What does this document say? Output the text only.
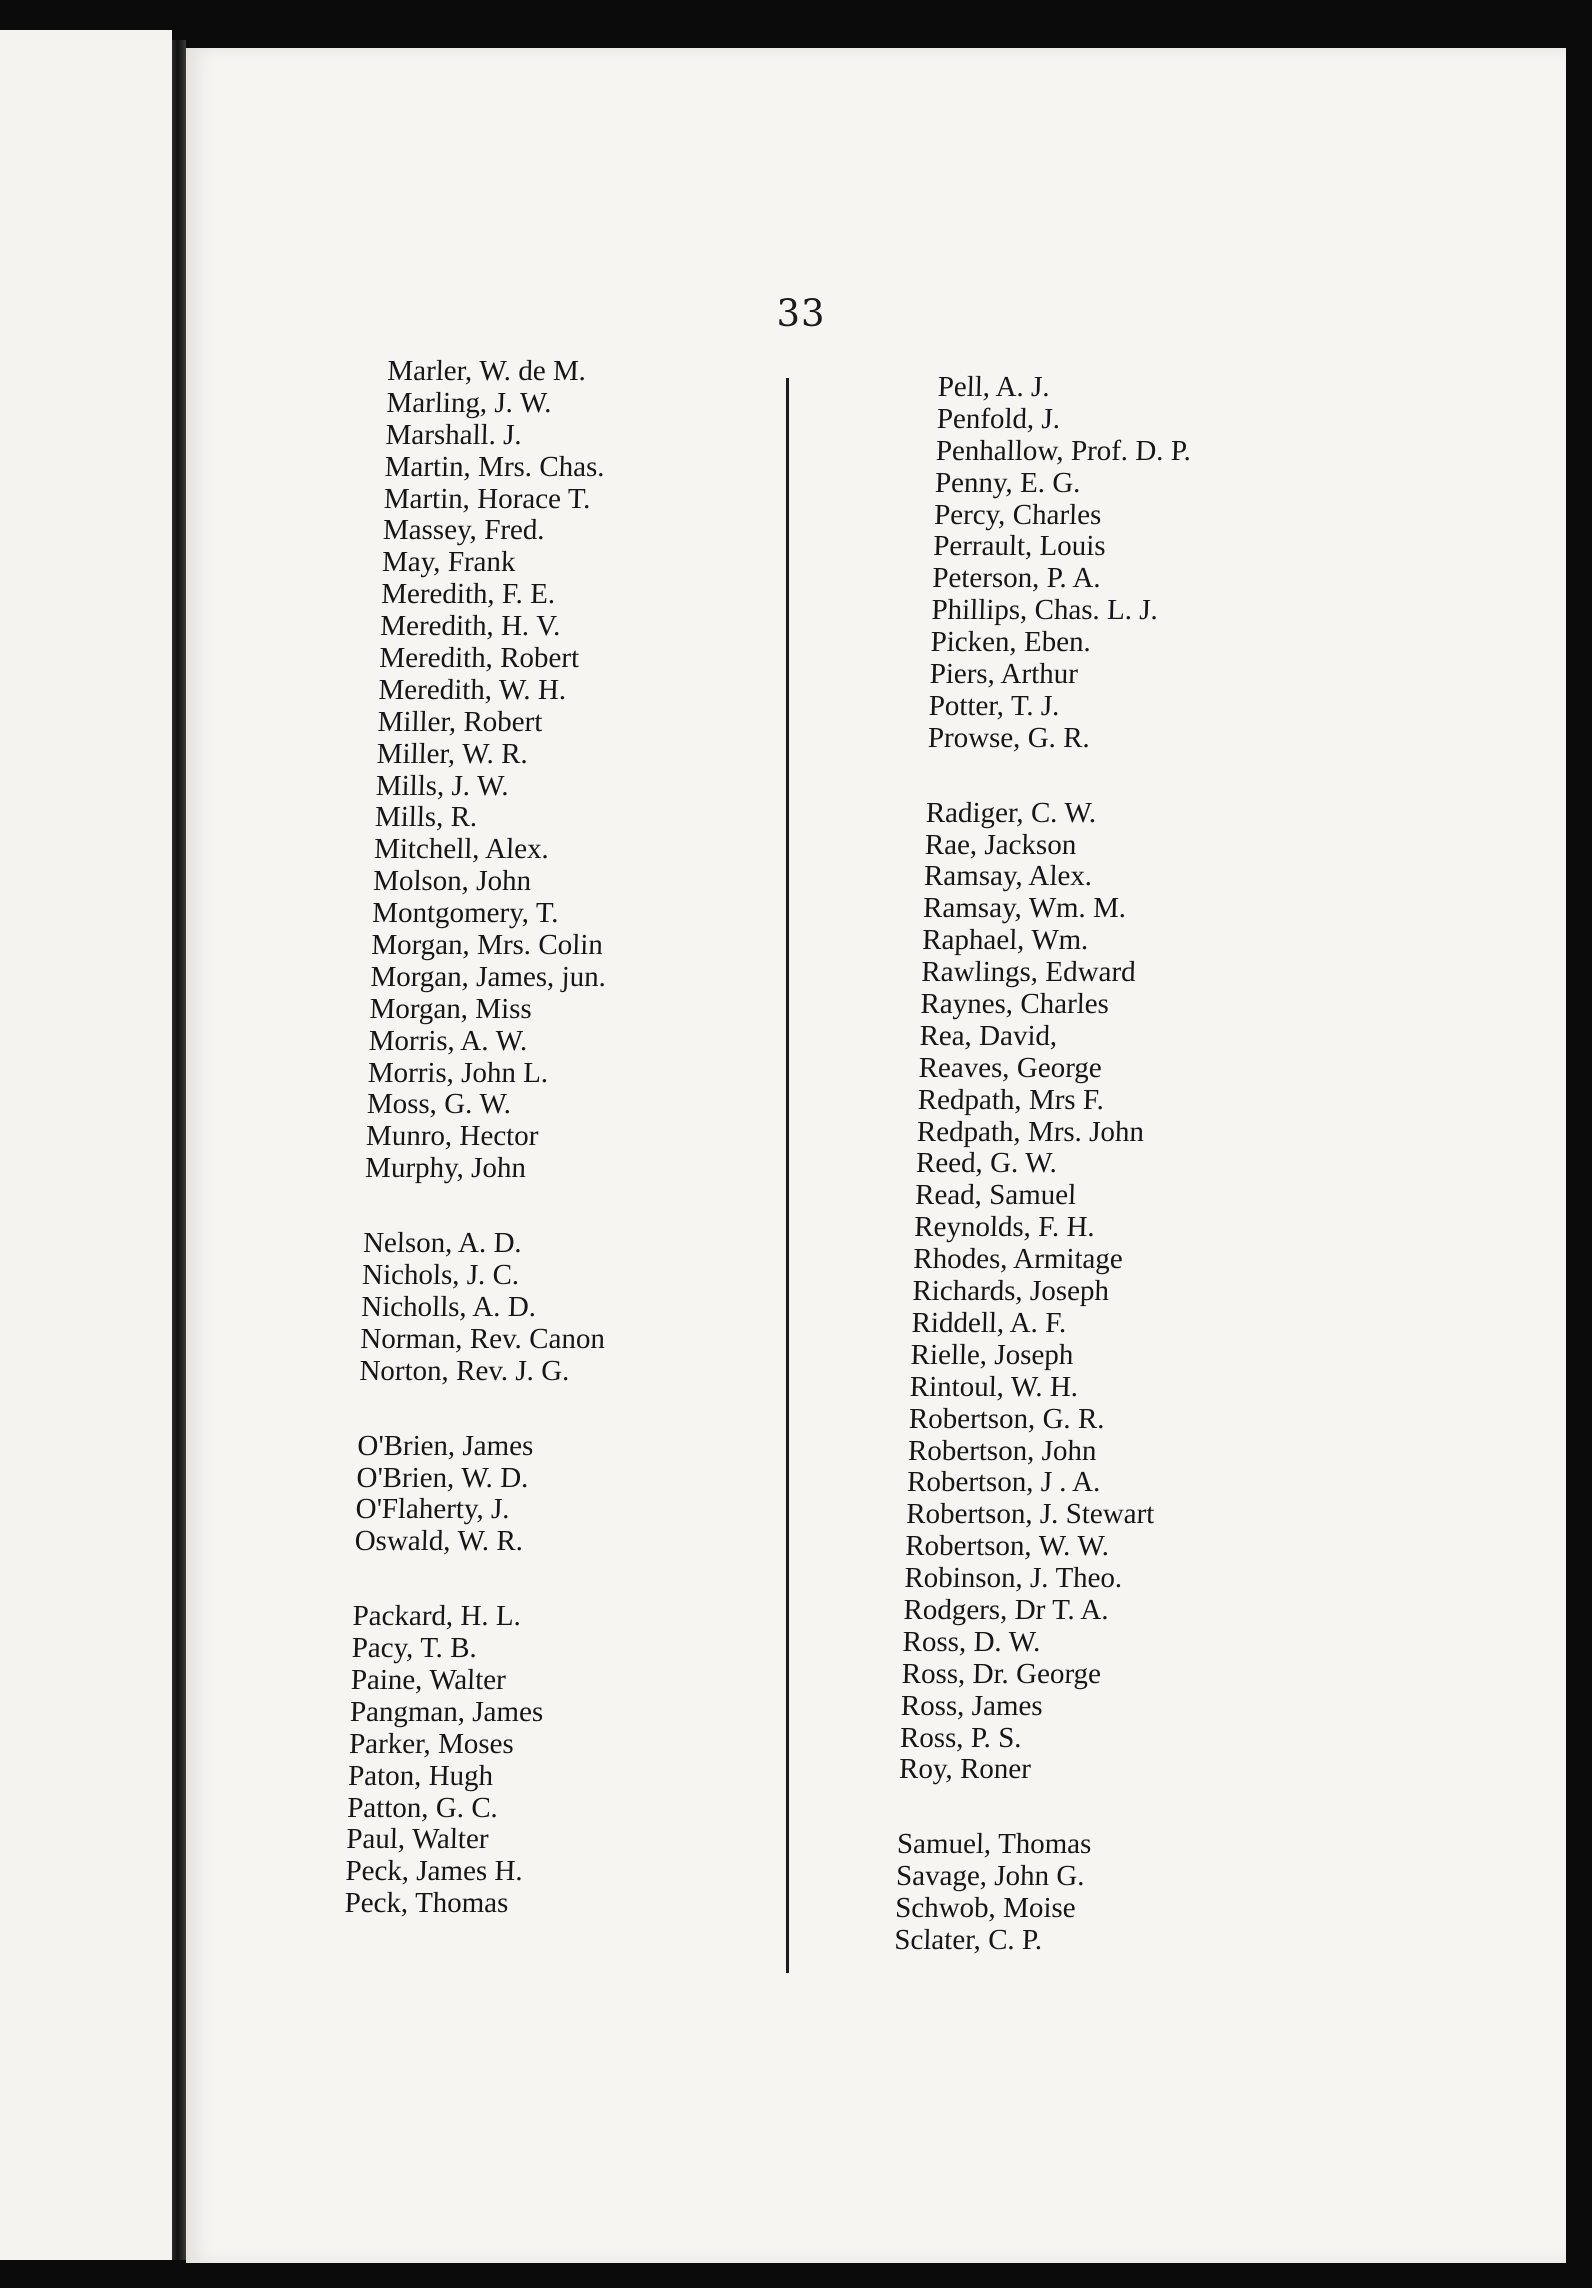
33
Marler, W. de M.
Marling, J. W.
Marshall. J.
Martin, Mrs. Chas.
Martin, Horace T.
Massey, Fred.
May, Frank
Meredith, F. E.
Meredith, H. V.
Meredith, Robert
Meredith, W. H.
Miller, Robert
Miller, W. R.
Mills, J. W.
Mills, R.
Mitchell, Alex.
Molson, John
Montgomery, T.
Morgan, Mrs. Colin
Morgan, James, jun.
Morgan, Miss
Morris, A. W.
Morris, John L.
Moss, G. W.
Munro, Hector
Murphy, John
Nelson, A. D.
Nichols, J. C.
Nicholls, A. D.
Norman, Rev. Canon
Norton, Rev. J. G.
O'Brien, James
O'Brien, W. D.
O'Flaherty, J.
Oswald, W. R.
Packard, H. L.
Pacy, T. B.
Paine, Walter
Pangman, James
Parker, Moses
Paton, Hugh
Patton, G. C.
Paul, Walter
Peck, James H.
Peck, Thomas
Pell, A. J.
Penfold, J.
Penhallow, Prof. D. P.
Penny, E. G.
Percy, Charles
Perrault, Louis
Peterson, P. A.
Phillips, Chas. L. J.
Picken, Eben.
Piers, Arthur
Potter, T. J.
Prowse, G. R.
Radiger, C. W.
Rae, Jackson
Ramsay, Alex.
Ramsay, Wm. M.
Raphael, Wm.
Rawlings, Edward
Raynes, Charles
Rea, David,
Reaves, George
Redpath, Mrs F.
Redpath, Mrs. John
Reed, G. W.
Read, Samuel
Reynolds, F. H.
Rhodes, Armitage
Richards, Joseph
Riddell, A. F.
Rielle, Joseph
Rintoul, W. H.
Robertson, G. R.
Robertson, John
Robertson, J . A.
Robertson, J. Stewart
Robertson, W. W.
Robinson, J. Theo.
Rodgers, Dr T. A.
Ross, D. W.
Ross, Dr. George
Ross, James
Ross, P. S.
Roy, Roner
Samuel, Thomas
Savage, John G.
Schwob, Moise
Sclater, C. P.
